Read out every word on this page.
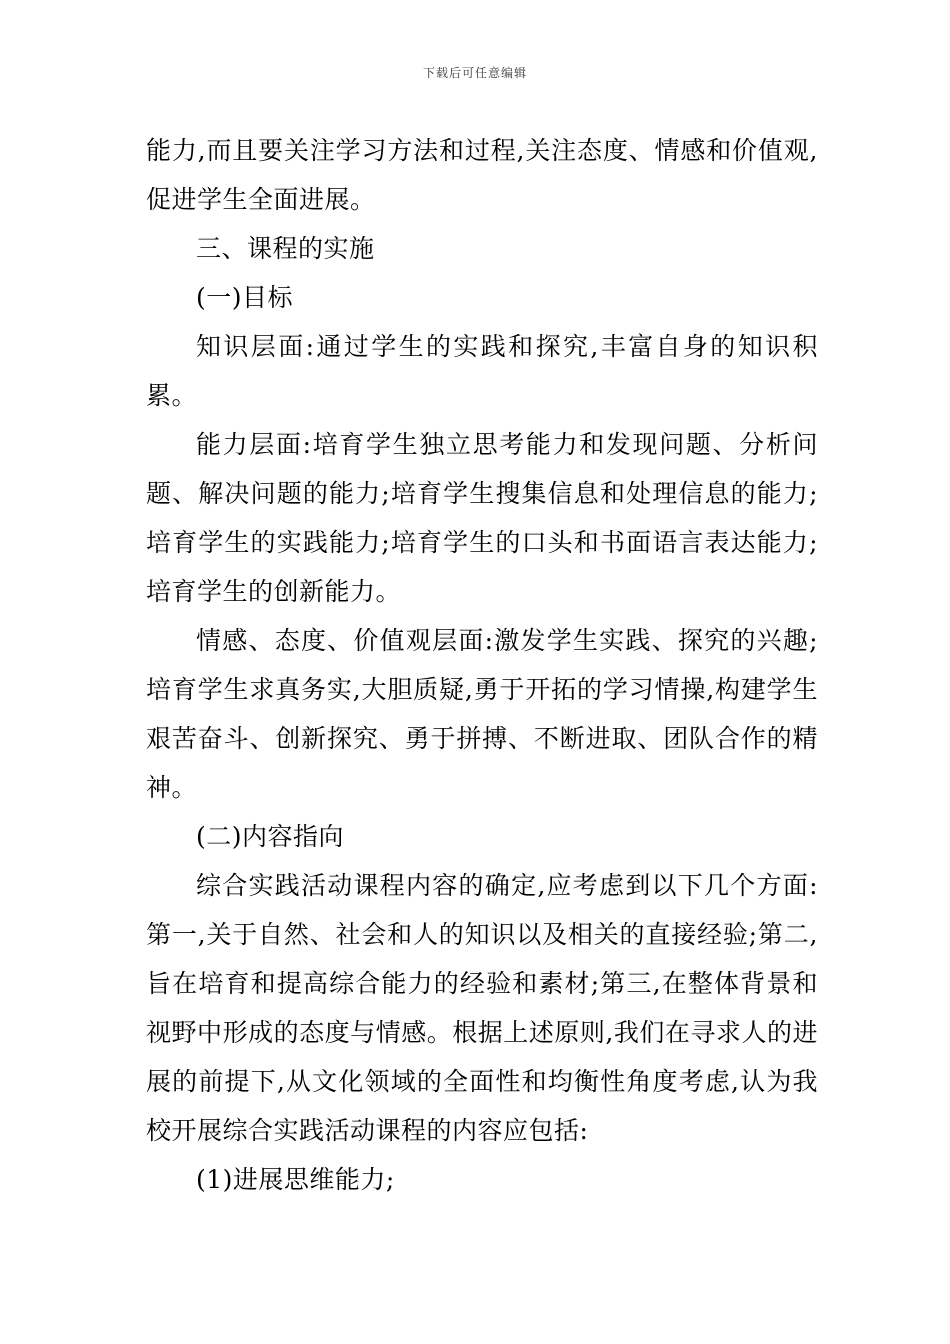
下载后可任意编辑

能力,而且要关注学习方法和过程,关注态度、情感和价值观,促进学生全面进展。

三、课程的实施

(一)目标

知识层面:通过学生的实践和探究,丰富自身的知识积累。

能力层面:培育学生独立思考能力和发现问题、分析问题、解决问题的能力;培育学生搜集信息和处理信息的能力;培育学生的实践能力;培育学生的口头和书面语言表达能力;培育学生的创新能力。

情感、态度、价值观层面:激发学生实践、探究的兴趣;培育学生求真务实,大胆质疑,勇于开拓的学习情操,构建学生艰苦奋斗、创新探究、勇于拼搏、不断进取、团队合作的精神。

(二)内容指向

综合实践活动课程内容的确定,应考虑到以下几个方面:第一,关于自然、社会和人的知识以及相关的直接经验;第二,旨在培育和提高综合能力的经验和素材;第三,在整体背景和视野中形成的态度与情感。根据上述原则,我们在寻求人的进展的前提下,从文化领域的全面性和均衡性角度考虑,认为我校开展综合实践活动课程的内容应包括:

(1)进展思维能力;
